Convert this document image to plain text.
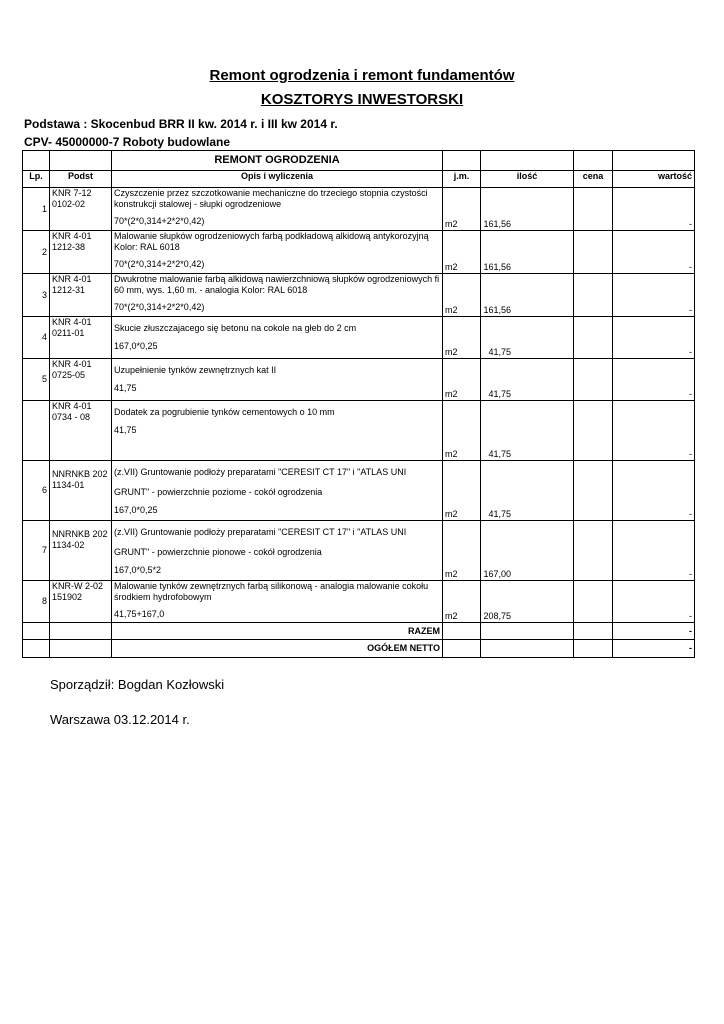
Remont ogrodzenia i remont fundamentów
KOSZTORYS INWESTORSKI
Podstawa : Skocenbud BRR II kw. 2014 r. i III kw 2014 r.
CPV- 45000000-7 Roboty budowlane
		REMONT OGRODZENIA				
Lp.	Podst	Opis i wyliczenia	j.m.	ilość	cena	wartość
1	KNR 7-12 0102-02	Czyszczenie przez szczotkowanie mechaniczne do trzeciego stopnia czystości konstrukcji stalowej - słupki ogrodzeniowe
70*(2*0,314+2*2*0,42)	m2	161,56		-
2	KNR 4-01 1212-38	Malowanie słupków ogrodzeniowych farbą podkładową alkidową antykorozyjną Kolor: RAL 6018
70*(2*0,314+2*2*0,42)	m2	161,56		-
3	KNR 4-01 1212-31	Dwukrotne malowanie farbą alkidową nawierzchniową słupków ogrodzeniowych fi 60 mm, wys. 1,60 m. - analogia Kolor: RAL 6018
70*(2*0,314+2*2*0,42)	m2	161,56		-
4	KNR 4-01 0211-01	Skucie złuszczajacego się betonu na cokole na głeb do 2 cm
167,0*0,25	m2	41,75		-
5	KNR 4-01 0725-05	Uzupełnienie tynków zewnętrznych kat II
41,75	m2	41,75		-
	KNR 4-01 0734 - 08	Dodatek za pogrubienie tynków cementowych o 10 mm
41,75	m2	41,75		-
6	NNRNKB 202 1134-01	(z.VII) Gruntowanie podłoży preparatami "CERESIT CT 17" i "ATLAS UNI
GRUNT" - powierzchnie poziome - cokół ogrodzenia
167,0*0,25	m2	41,75		-
7	NNRNKB 202 1134-02	(z.VII) Gruntowanie podłoży preparatami "CERESIT CT 17" i "ATLAS UNI
GRUNT" - powierzchnie pionowe - cokół ogrodzenia
167,0*0,5*2	m2	167,00		-
8	KNR-W 2-02 151902	Malowanie tynków zewnętrznych farbą silikonową - analogia malowanie cokołu środkiem hydrofobowym
41,75+167,0	m2	208,75		-
		RAZEM				-
		OGÓŁEM NETTO				-
Sporządził: Bogdan Kozłowski
Warszawa 03.12.2014 r.
